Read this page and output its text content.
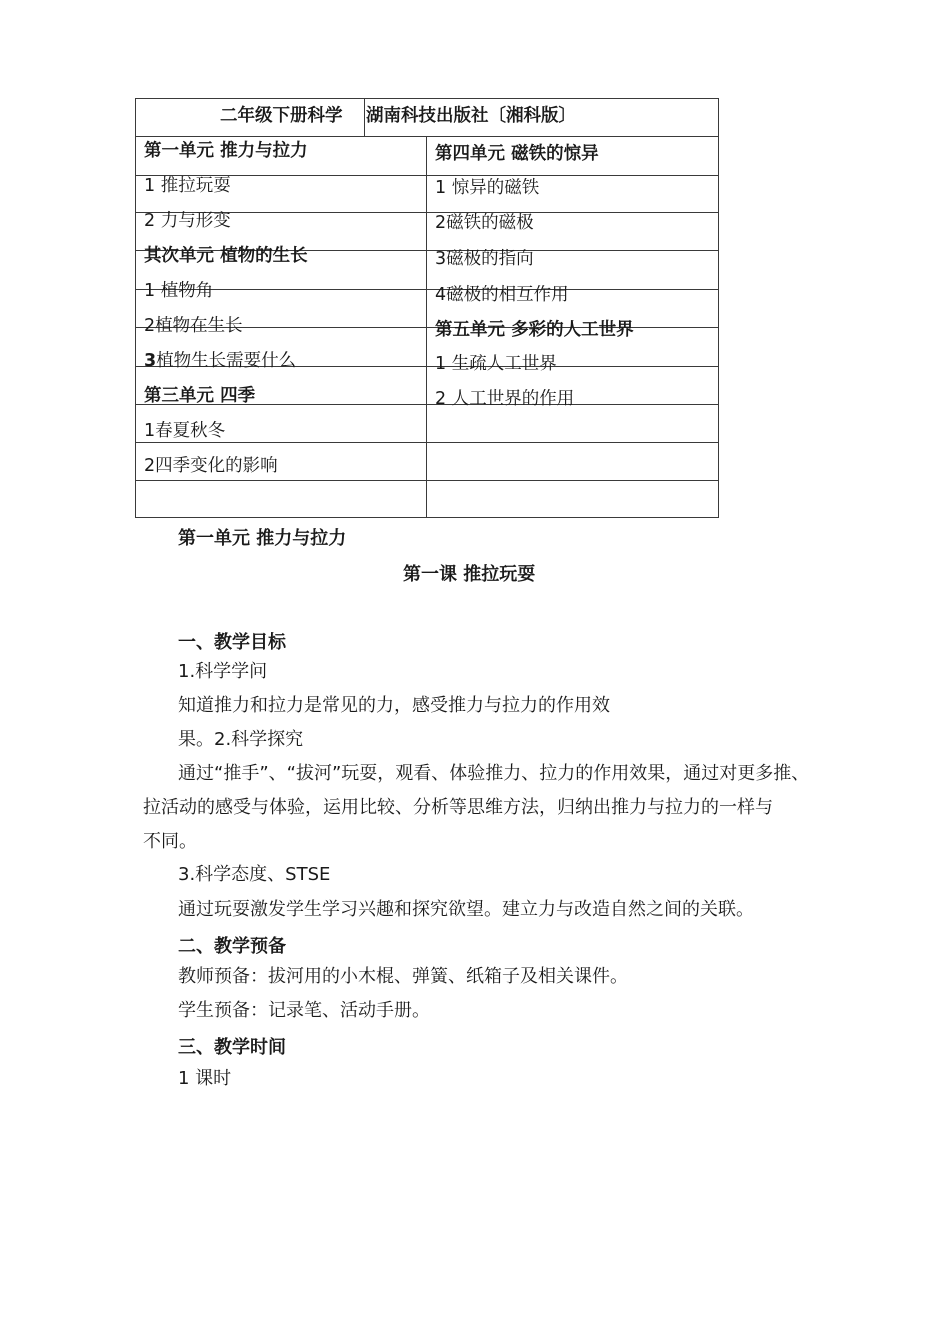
二年级下册科学 湖南科技出版社〔湘科版〕
第一单元 推力与拉力
1 推拉玩耍
2 力与形变
其次单元 植物的生长
1 植物角
2植物在生长
3植物生长需要什么
第三单元 四季
1春夏秋冬
2四季变化的影响
第四单元 磁铁的惊异
1 惊异的磁铁
2磁铁的磁极
3磁极的指向
4磁极的相互作用
第五单元 多彩的人工世界
1 生疏人工世界
2 人工世界的作用
第一单元 推力与拉力
第一课 推拉玩耍
一、教学目标
1.科学学问
知道推力和拉力是常见的力，感受推力与拉力的作用效
果。2.科学探究
通过“推手”、“拔河”玩耍，观看、体验推力、拉力的作用效果，通过对更多推、
拉活动的感受与体验，运用比较、分析等思维方法，归纳出推力与拉力的一样与
不同。
3.科学态度、STSE
通过玩耍激发学生学习兴趣和探究欲望。建立力与改造自然之间的关联。
二、教学预备
教师预备：拔河用的小木棍、弹簧、纸箱子及相关课件。
学生预备：记录笔、活动手册。
三、教学时间
1 课时
